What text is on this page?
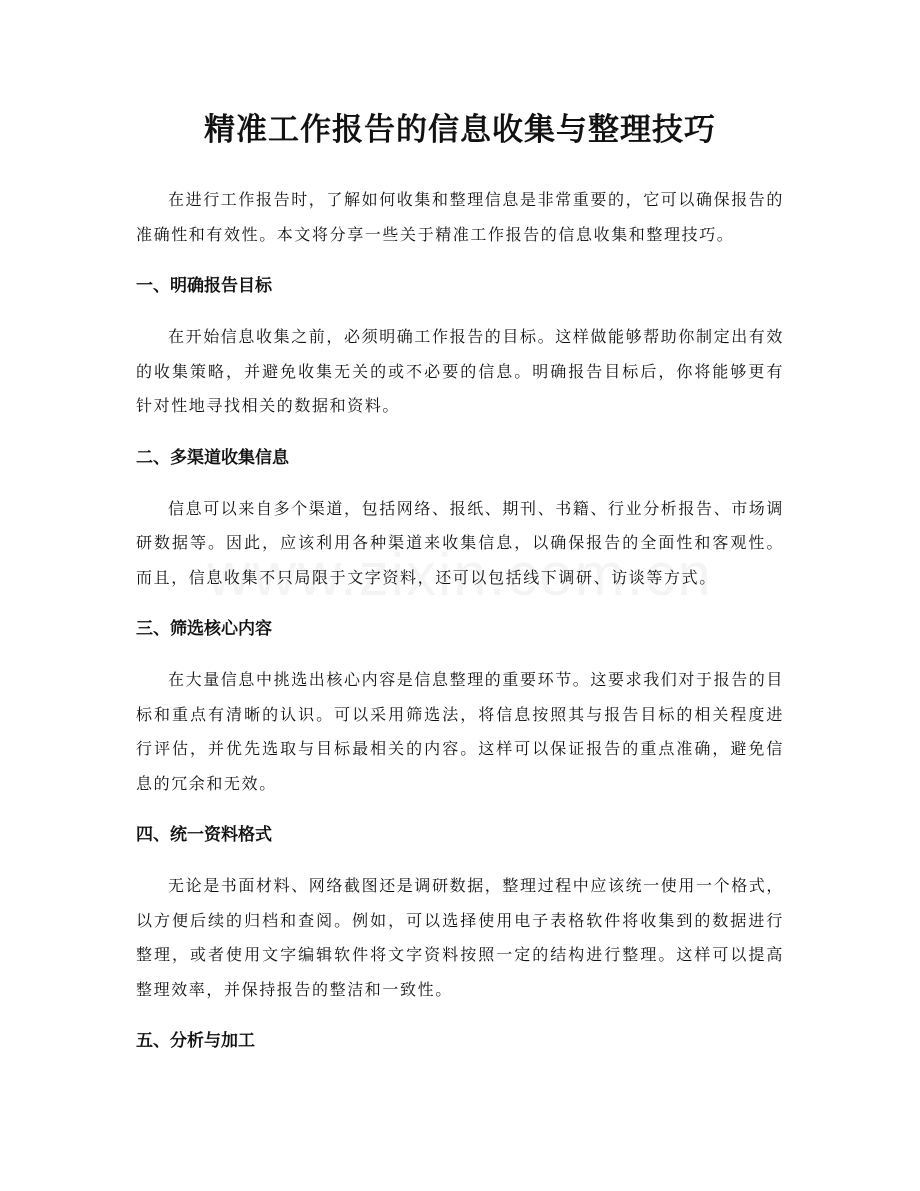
精准工作报告的信息收集与整理技巧

在进行工作报告时，了解如何收集和整理信息是非常重要的，它可以确保报告的准确性和有效性。本文将分享一些关于精准工作报告的信息收集和整理技巧。

一、明确报告目标

在开始信息收集之前，必须明确工作报告的目标。这样做能够帮助你制定出有效的收集策略，并避免收集无关的或不必要的信息。明确报告目标后，你将能够更有针对性地寻找相关的数据和资料。

二、多渠道收集信息

信息可以来自多个渠道，包括网络、报纸、期刊、书籍、行业分析报告、市场调研数据等。因此，应该利用各种渠道来收集信息，以确保报告的全面性和客观性。而且，信息收集不只局限于文字资料，还可以包括线下调研、访谈等方式。

三、筛选核心内容

在大量信息中挑选出核心内容是信息整理的重要环节。这要求我们对于报告的目标和重点有清晰的认识。可以采用筛选法，将信息按照其与报告目标的相关程度进行评估，并优先选取与目标最相关的内容。这样可以保证报告的重点准确，避免信息的冗余和无效。

四、统一资料格式

无论是书面材料、网络截图还是调研数据，整理过程中应该统一使用一个格式，以方便后续的归档和查阅。例如，可以选择使用电子表格软件将收集到的数据进行整理，或者使用文字编辑软件将文字资料按照一定的结构进行整理。这样可以提高整理效率，并保持报告的整洁和一致性。

五、分析与加工
